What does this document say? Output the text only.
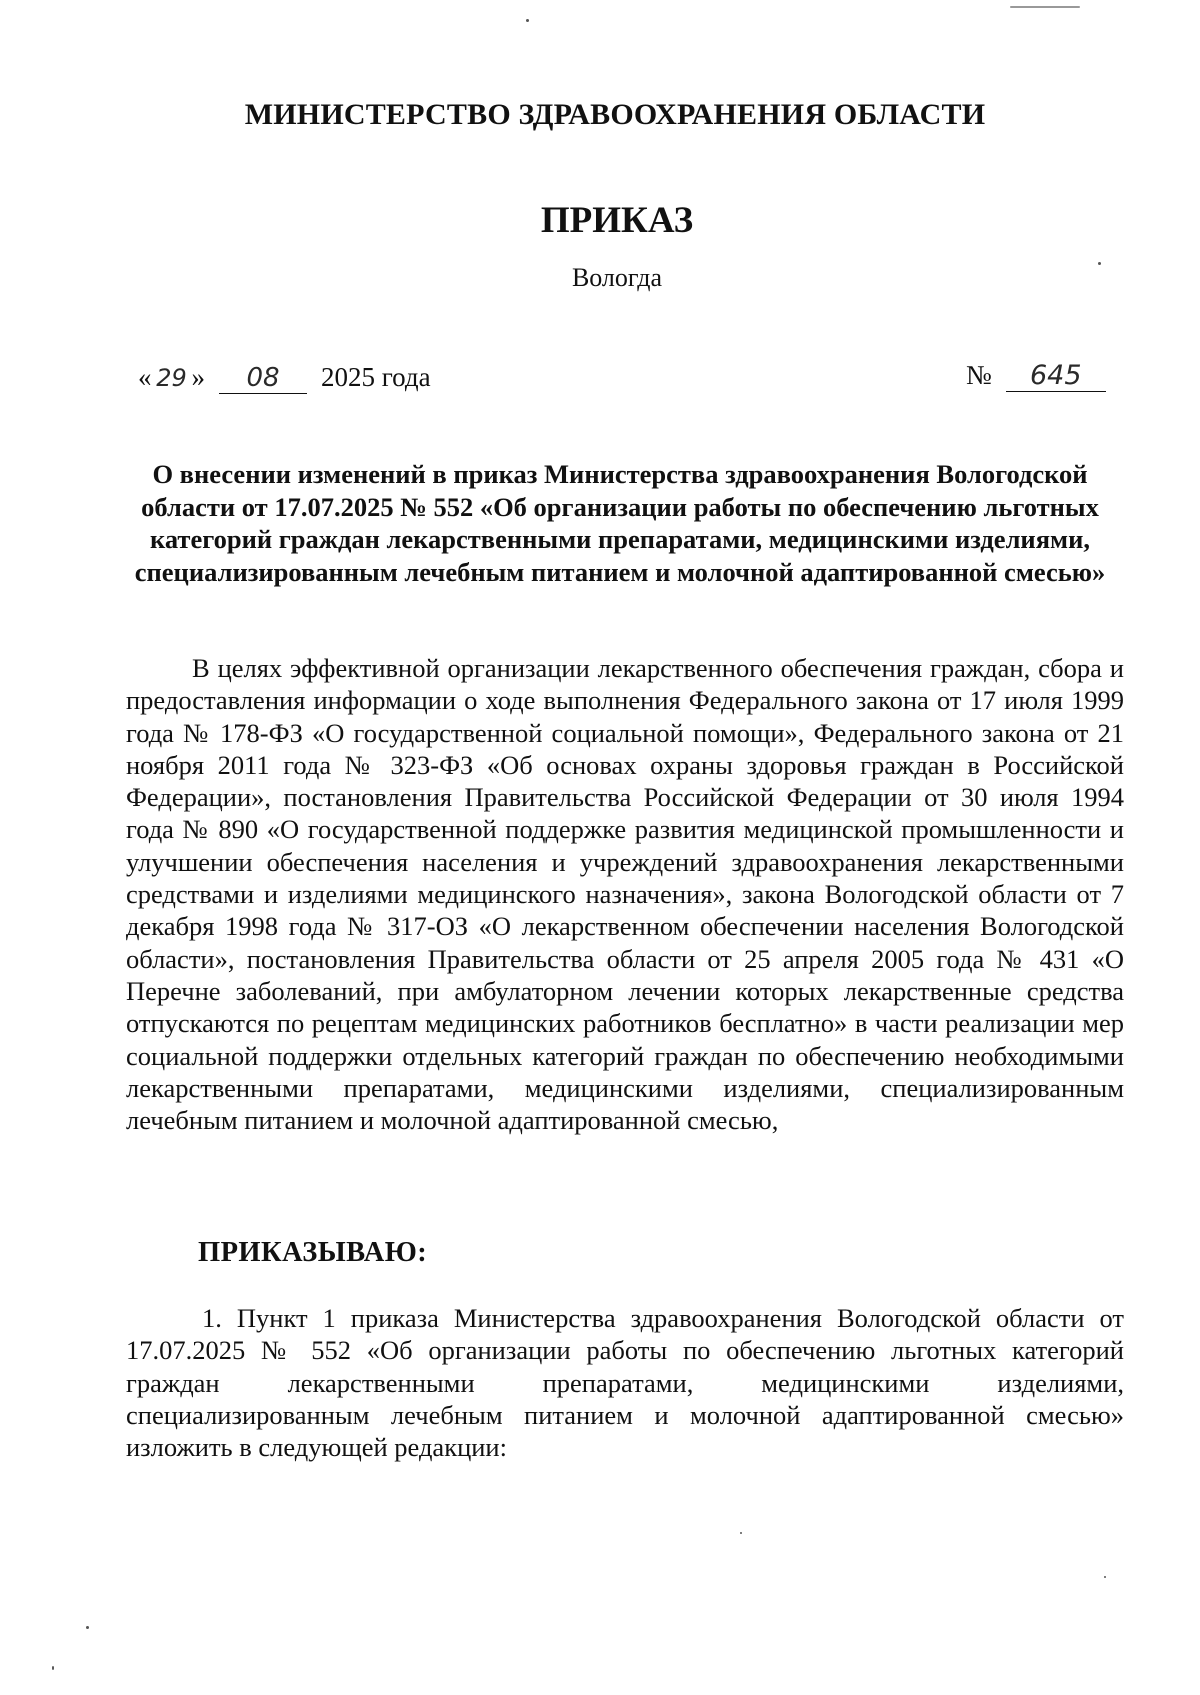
МИНИСТЕРСТВО ЗДРАВООХРАНЕНИЯ ОБЛАСТИ
ПРИКАЗ
Вологда
« 29 » 08 2025 года	№ 645
О внесении изменений в приказ Министерства здравоохранения Вологодской области от 17.07.2025 № 552 «Об организации работы по обеспечению льготных категорий граждан лекарственными препаратами, медицинскими изделиями, специализированным лечебным питанием и молочной адаптированной смесью»

В целях эффективной организации лекарственного обеспечения граждан, сбора и предоставления информации о ходе выполнения Федерального закона от 17 июля 1999 года № 178-ФЗ «О государственной социальной помощи», Федерального закона от 21 ноября 2011 года № 323-ФЗ «Об основах охраны здоровья граждан в Российской Федерации», постановления Правительства Российской Федерации от 30 июля 1994 года № 890 «О государственной поддержке развития медицинской промышленности и улучшении обеспечения населения и учреждений здравоохранения лекарственными средствами и изделиями медицинского назначения», закона Вологодской области от 7 декабря 1998 года № 317-ОЗ «О лекарственном обеспечении населения Вологодской области», постановления Правительства области от 25 апреля 2005 года № 431 «О Перечне заболеваний, при амбулаторном лечении которых лекарственные средства отпускаются по рецептам медицинских работников бесплатно» в части реализации мер социальной поддержки отдельных категорий граждан по обеспечению необходимыми лекарственными препаратами, медицинскими изделиями, специализированным лечебным питанием и молочной адаптированной смесью,

ПРИКАЗЫВАЮ:

1. Пункт 1 приказа Министерства здравоохранения Вологодской области от 17.07.2025 № 552 «Об организации работы по обеспечению льготных категорий граждан лекарственными препаратами, медицинскими изделиями, специализированным лечебным питанием и молочной адаптированной смесью» изложить в следующей редакции:
